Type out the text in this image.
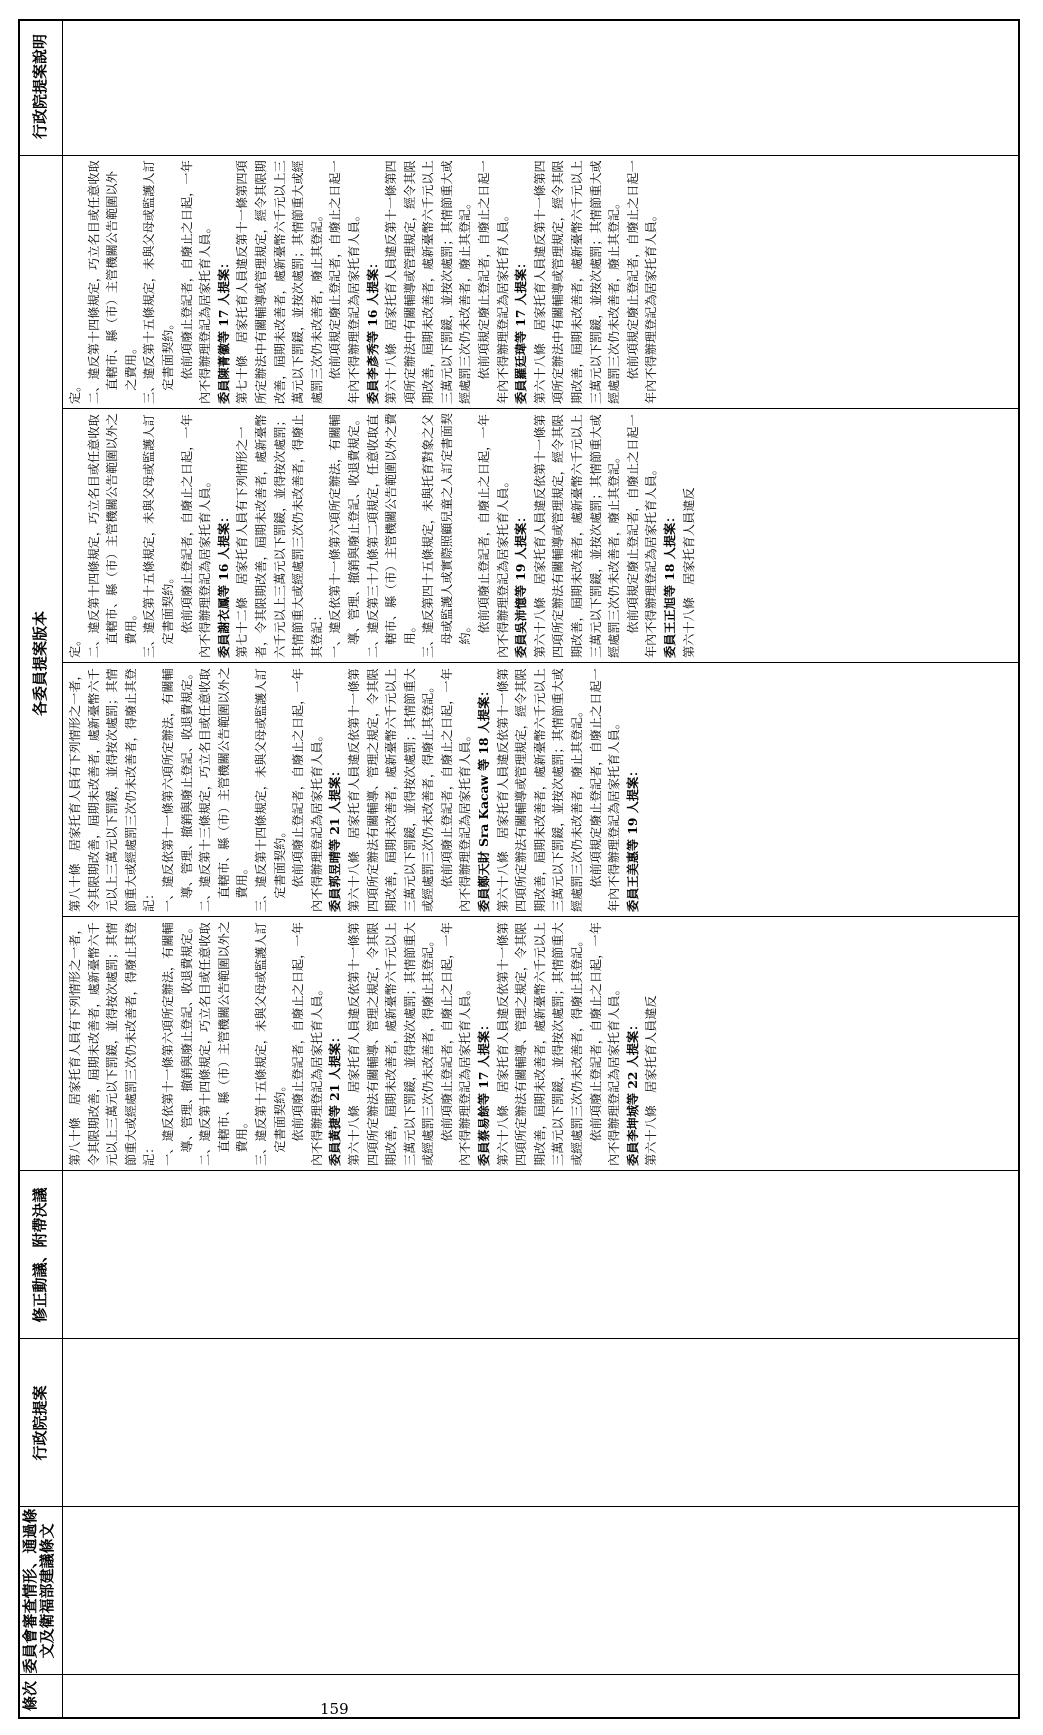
條次
委員會審查情形、通過條文及衛福部建議條文
行政院提案
修正動議、附帶決議
各委員提案版本
行政院提案說明

第八十條　居家托育人員有下列情形之一者，令其限期改善，屆期未改善者，處新臺幣六千元以上三萬元以下罰鍰，並得按次處罰；其情節重大或經處罰三次仍未改善者，得廢止其登記： 一、違反依第十一條第六項所定辦法，有關輔導、管理、撤銷與廢止登記、收退費規定。 二、違反第十四條規定，巧立名目或任意收取直轄市、縣（市）主管機關公告範圍以外之費用。 三、違反第十五條規定，未與父母或監護人訂定書面契約。 依前項廢止登記者，自廢止之日起，一年內不得辦理登記為居家托育人員。 委員黃捷等 21 人提案： 第六十八條　居家托育人員違反依第十一條第四項所定辦法有關輔導、管理之規定，令其限期改善，屆期未改善者，處新臺幣六千元以上三萬元以下罰鍰，並得按次處罰；其情節重大或經處罰三次仍未改善者，得廢止其登記。 依前項廢止登記者，自廢止之日起，一年內不得辦理登記為居家托育人員。 委員蔡易餘等 17 人提案： 第六十八條　居家托育人員違反依第十一條第四項所定辦法有關輔導、管理之規定，令其限期改善，屆期未改善者，處新臺幣六千元以上三萬元以下罰鍰，並得按次處罰；其情節重大或經處罰三次仍未改善者，得廢止其登記。 依前項廢止登記者，自廢止之日起，一年內不得辦理登記為居家托育人員。 委員李坤城等 22 人提案： 第六十八條　居家托育人員違反

第八十條　居家托育人員有下列情形之一者，令其限期改善，屆期未改善者，處新臺幣六千元以上三萬元以下罰鍰，並得按次處罰；其情節重大或經處罰三次仍未改善者，得廢止其登記： 一、違反依第十一條第六項所定辦法，有關輔導、管理、撤銷與廢止登記、收退費規定。 二、違反第十三條規定，巧立名目或任意收取直轄市、縣（市）主管機關公告範圍以外之費用。 三、違反第十四條規定，未與父母或監護人訂定書面契約。 依前項廢止登記者，自廢止之日起，一年內不得辦理登記為居家托育人員。 委員郭昱晴等 21 人提案： 第六十八條　居家托育人員違反依第十一條第四項所定辦法有關輔導、管理之規定，令其限期改善，屆期未改善者，處新臺幣六千元以上三萬元以下罰鍰，並得按次處罰；其情節重大或經處罰三次仍未改善者，得廢止其登記。 依前項廢止登記者，自廢止之日起，一年內不得辦理登記為居家托育人員。 委員鄭天財 Sra Kacaw 等 18 人提案： 第六十八條　居家托育人員違反依第十一條第四項所定辦法有關輔導或管理規定，經令其限期改善，屆期未改善者，處新臺幣六千元以上三萬元以下罰鍰，並按次處罰；其情節重大或經處罰三次仍未改善者，廢止其登記。 依前項規定廢止登記者，自廢止之日起一年內不得辦理登記為居家托育人員。 委員王美惠等 19 人提案：

定。 二、違反第十四條規定，巧立名目或任意收取直轄市、縣（市）主管機關公告範圍以外之費用。 三、違反第十五條規定，未與父母或監護人訂定書面契約。 依前項廢止登記者，自廢止之日起，一年內不得辦理登記為居家托育人員。 委員謝衣鳳等 16 人提案： 第七十二條　居家托育人員有下列情形之一者，令其限期改善，屆期未改善者，處新臺幣六千元以上三萬元以下罰鍰，並得按次處罰；其情節重大或經處罰三次仍未改善者，得廢止其登記： 一、違反依第十一條第六項所定辦法，有關輔導、管理、撤銷與廢止登記、收退費規定。 二、違反第三十九條第二項規定，任意收取直轄市、縣（市）主管機關公告範圍以外之費用。 三、違反第四十五條規定，未與托育對象之父母或監護人或實際照顧兒童之人訂定書面契約。 依前項廢止登記者，自廢止之日起，一年內不得辦理登記為居家托育人員。 委員吳沛憶等 19 人提案： 第六十八條　居家托育人員違反依第十一條第四項所定辦法有關輔導或管理規定，經令其限期改善，屆期未改善者，處新臺幣六千元以上三萬元以下罰鍰，並按次處罰；其情節重大或經處罰三次仍未改善者，廢止其登記。 依前項規定廢止登記者，自廢止之日起一年內不得辦理登記為居家托育人員。 委員王正旭等 18 人提案： 第六十八條　居家托育人員違反

定。 二、違反第十四條規定，巧立名目或任意收取直轄市、縣（市）主管機關公告範圍以外之費用。 三、違反第十五條規定，未與父母或監護人訂定書面契約。 依前項廢止登記者，自廢止之日起，一年內不得辦理登記為居家托育人員。 委員陳菁徽等 17 人提案： 第七十條　居家托育人員違反第十一條第四項所定辦法中有關輔導或管理規定，經令其限期改善，屆期未改善者，處新臺幣六千元以上三萬元以下罰鍰，並按次處罰；其情節重大或經處罰三次仍未改善者，廢止其登記。 依前項規定廢止登記者，自廢止之日起一年內不得辦理登記為居家托育人員。 委員李彥秀等 16 人提案： 第六十八條　居家托育人員違反第十一條第四項所定辦法中有關輔導或管理規定，經令其限期改善，屆期未改善者，處新臺幣六千元以上三萬元以下罰鍰，並按次處罰；其情節重大或經處罰三次仍未改善者，廢止其登記。 依前項規定廢止登記者，自廢止之日起一年內不得辦理登記為居家托育人員。 委員羅廷瑋等 17 人提案： 第六十八條　居家托育人員違反第十一條第四項所定辦法中有關輔導或管理規定，經令其限期改善，屆期未改善者，處新臺幣六千元以上三萬元以下罰鍰，並按次處罰；其情節重大或經處罰三次仍未改善者，廢止其登記。 依前項規定廢止登記者，自廢止之日起一年內不得辦理登記為居家托育人員。

159
